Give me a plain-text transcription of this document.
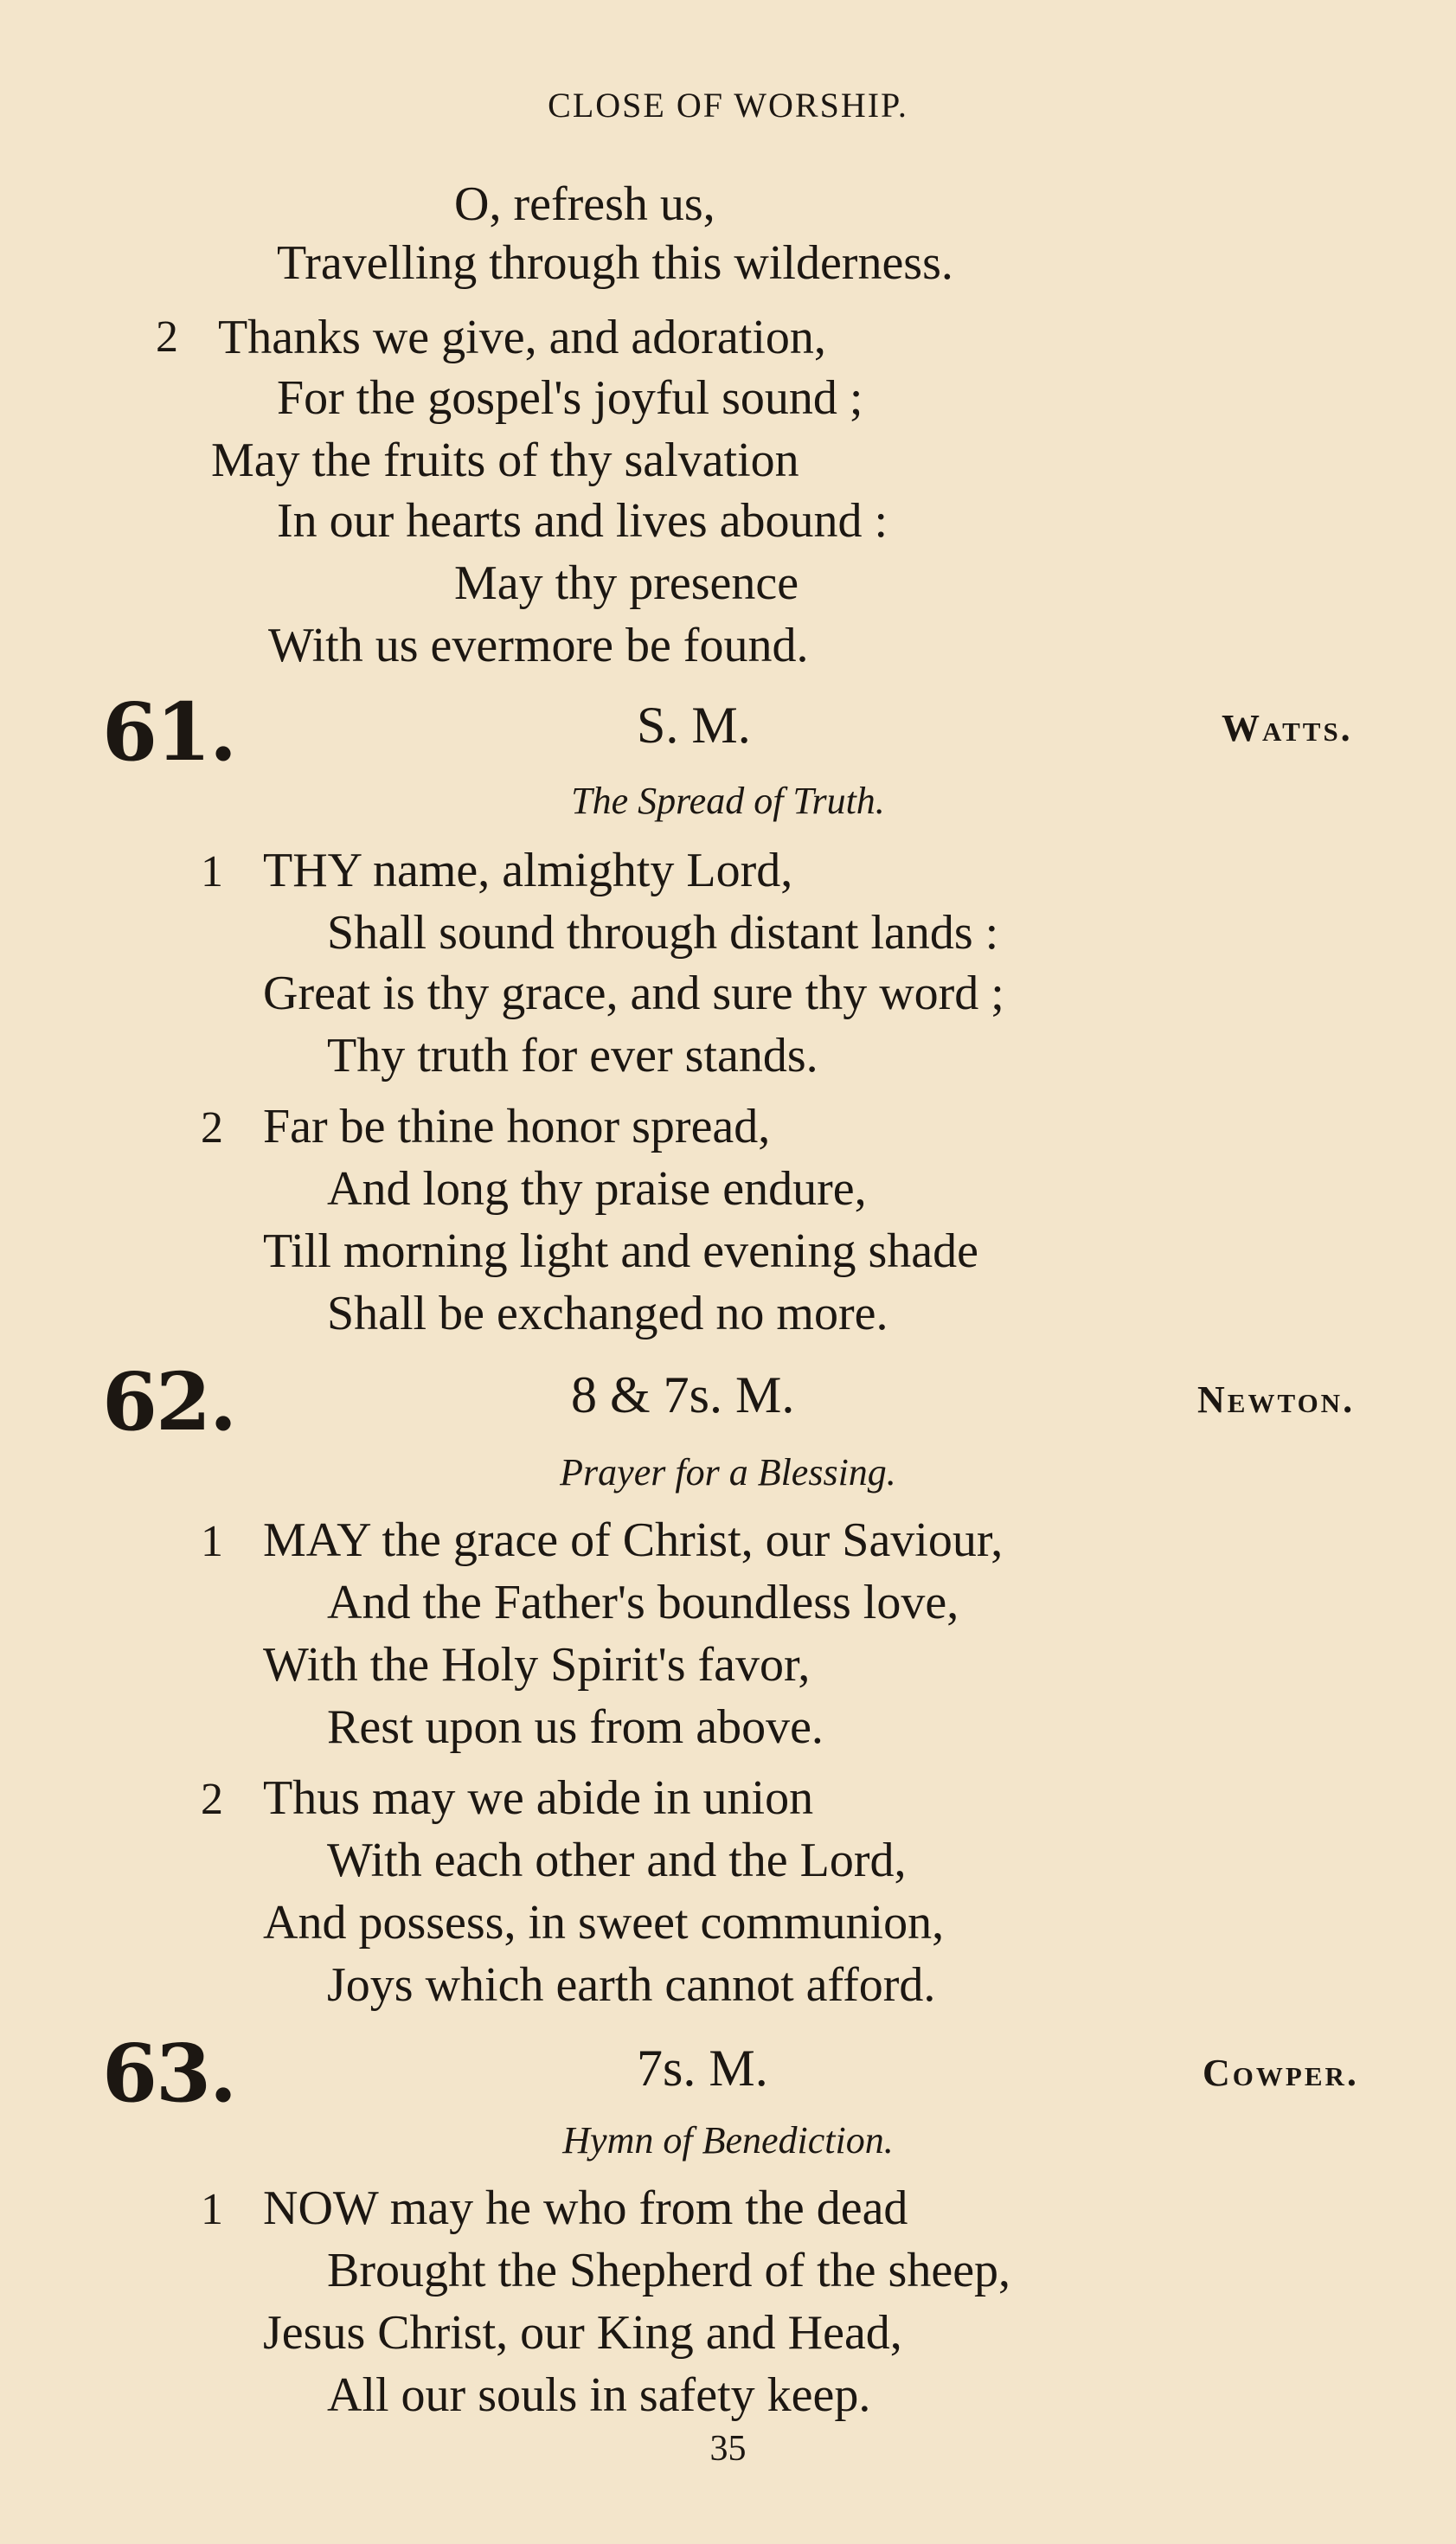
CLOSE OF WORSHIP.
O, refresh us,
Travelling through this wilderness.
2 Thanks we give, and adoration,
For the gospel's joyful sound ;
May the fruits of thy salvation
In our hearts and lives abound :
May thy presence
With us evermore be found.
61.	S. M.	Watts.
The Spread of Truth.
1 THY name, almighty Lord,
Shall sound through distant lands :
Great is thy grace, and sure thy word ;
Thy truth for ever stands.
2 Far be thine honor spread,
And long thy praise endure,
Till morning light and evening shade
Shall be exchanged no more.
62.	8 & 7s. M.	Newton.
Prayer for a Blessing.
1 MAY the grace of Christ, our Saviour,
And the Father's boundless love,
With the Holy Spirit's favor,
Rest upon us from above.
2 Thus may we abide in union
With each other and the Lord,
And possess, in sweet communion,
Joys which earth cannot afford.
63.	7s. M.	Cowper.
Hymn of Benediction.
1 NOW may he who from the dead
Brought the Shepherd of the sheep,
Jesus Christ, our King and Head,
All our souls in safety keep.
35
